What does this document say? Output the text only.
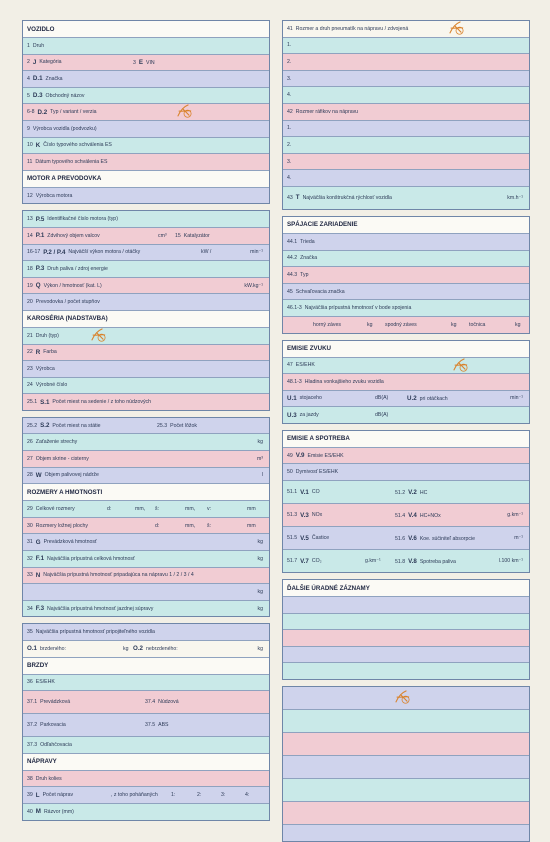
VOZIDLO
1 Druh
2 J Kategória	3 E VIN
4 D.1 Značka
5 D.3 Obchodný názov
6-8 D.2 Typ / variant / verzia
9 Výrobca vozidla (podvozku)
10 K Číslo typového schválenia ES
11 Dátum typového schválenia ES
MOTOR A PREVODOVKA
12 Výrobca motora
13 P.5 Identifikačné číslo motora (typ)
14 P.1 Zdvihový objem valcov	cm³ 15 Katalyzátor
16-17 P.2 / P.4 Najväčší výkon motora / otáčky	kW /	min⁻¹
18 P.3 Druh paliva / zdroj energie
19 Q Výkon / hmotnosť (kat. L)	kW.kg⁻¹
20 Prevodovka / počet stupňov
KAROSÉRIA (NADSTAVBA)
21 Druh (typ)
22 R Farba
23 Výrobca
24 Výrobné číslo
25.1 S.1 Počet miest na sedenie / z toho núdzových
25.2 S.2 Počet miest na státie	25.3 Počet lôžok
26 Zaťaženie strechy	kg
27 Objem skrine - cisterny	m³
28 W Objem palivovej nádrže	l
ROZMERY A HMOTNOSTI
29 Celkové rozmery	d:	mm, š:	mm, v:	mm
30 Rozmery ložnej plochy	d:	mm, š:	mm
31 G Prevádzková hmotnosť	kg
32 F.1 Najväčšia prípustná celková hmotnosť	kg
33 N Najväčšia prípustná hmotnosť pripadajúca na nápravu 1 / 2 / 3 / 4
kg
34 F.3 Najväčšia prípustná hmotnosť jazdnej súpravy	kg
35 Najväčšia prípustná hmotnosť pripojiteľného vozidla
O.1 brzdeného:	kg O.2 nebrzdeného:	kg
BRZDY
36 ES/EHK
37.1 Prevádzková	37.4 Núdzová
37.2 Parkovacia	37.5 ABS
37.3 Odľahčovacia
NÁPRAVY
38 Druh kolies
39 L Počet náprav	, z toho poháňaných	1:	2:	3:	4:
40 M Rázvor (mm)
41 Rozmer a druh pneumatík na nápravu / zdvojená
1.
2.
3.
4.
42 Rozmer ráfikov na nápravu
1.
2.
3.
4.
43 T Najväčšia konštrukčná rýchlosť vozidla	km.h⁻¹
SPÁJACIE ZARIADENIE
44.1 Trieda
44.2 Značka
44.3 Typ
45 Schvaľovacia značka
46.1-3 Najväčšia prípustná hmotnosť v bode spojenia
horný záves	kg spodný záves	kg točnica	kg
EMISIE ZVUKU
47 ES/EHK
48.1-3 Hladina vonkajšieho zvuku vozidla
U.1 stojaceho	dB(A)	U.2 pri otáčkach	min⁻¹
U.3 za jazdy	dB(A)
EMISIE A SPOTREBA
49 V.9 Emisie ES/EHK
50 Dymivosť ES/EHK
51.1 V.1 CO	51.2 V.2 HC
51.3 V.3 NOx	51.4 V.4 HC+NOx	g.km⁻¹
51.5 V.5 Častice	51.6 V.6 Koe. súčiniteľ absorpcie	m⁻¹
51.7 V.7 CO₂	g.km⁻¹	51.8 V.8 Spotreba paliva	l.100 km⁻¹
ĎALŠIE ÚRADNÉ ZÁZNAMY
